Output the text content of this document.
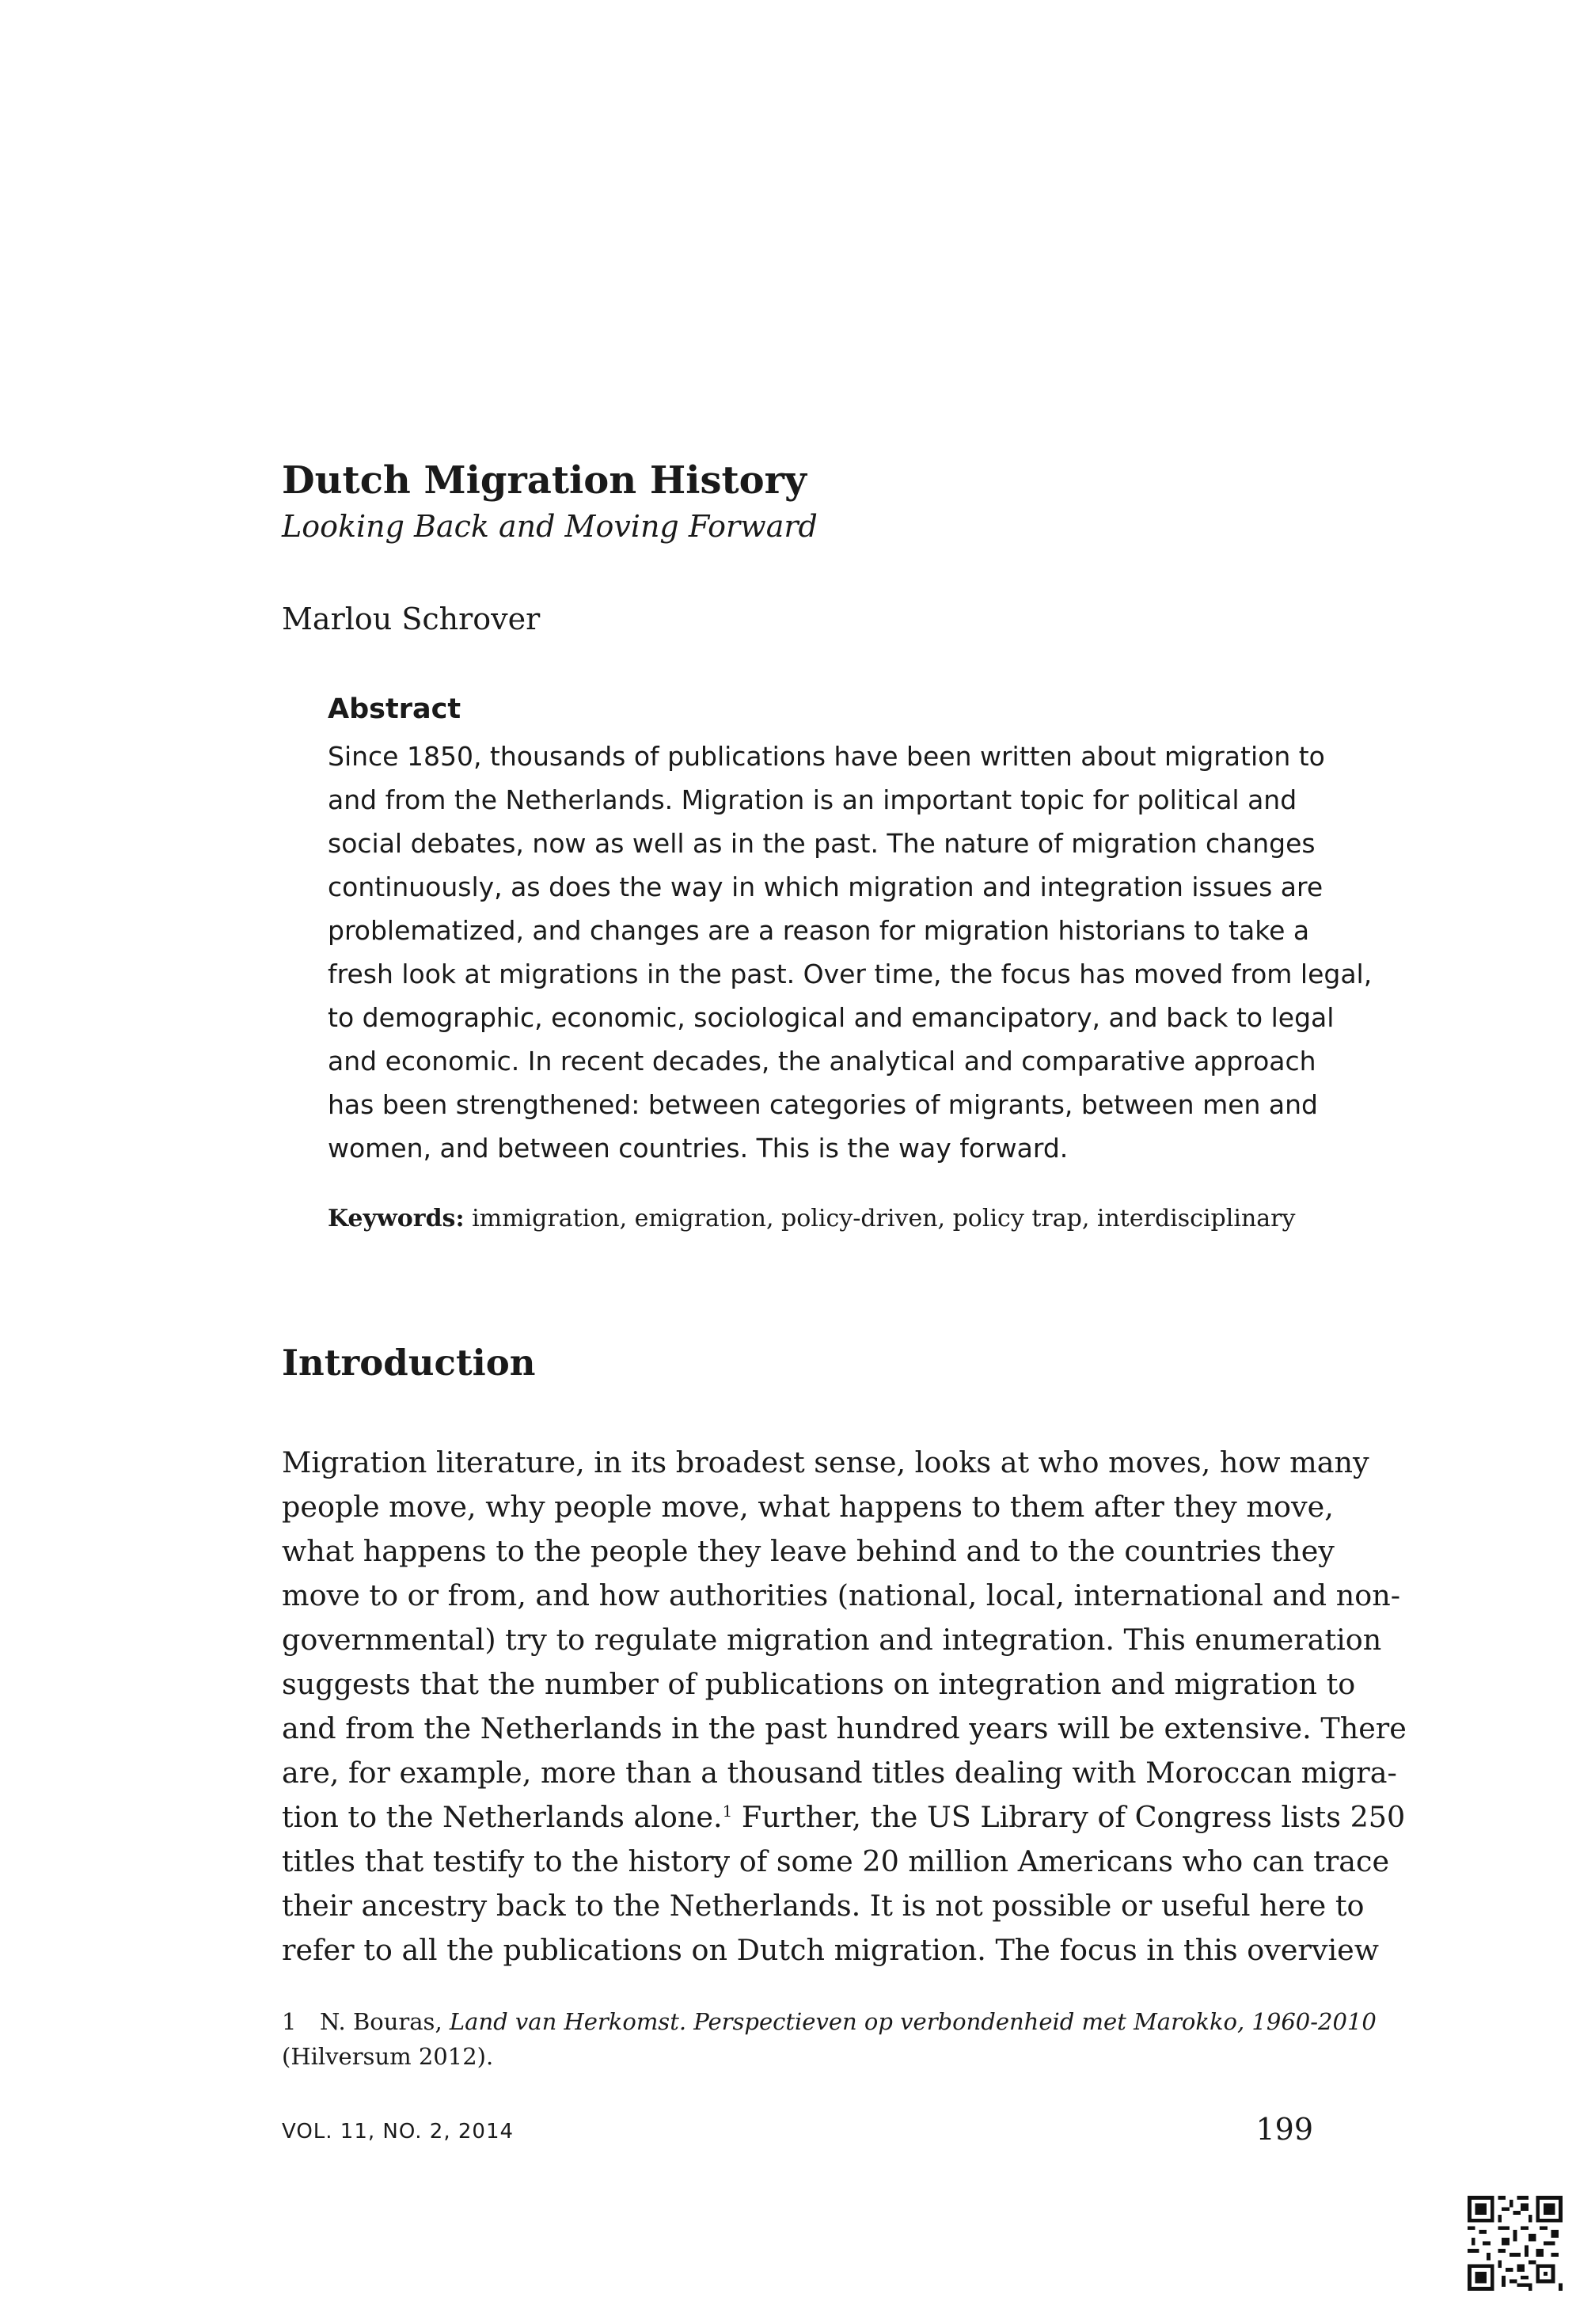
Dutch Migration History
Looking Back and Moving Forward
Marlou Schrover
Abstract
Since 1850, thousands of publications have been written about migration to
and from the Netherlands. Migration is an important topic for political and
social debates, now as well as in the past. The nature of migration changes
continuously, as does the way in which migration and integration issues are
problematized, and changes are a reason for migration historians to take a
fresh look at migrations in the past. Over time, the focus has moved from legal,
to demographic, economic, sociological and emancipatory, and back to legal
and economic. In recent decades, the analytical and comparative approach
has been strengthened: between categories of migrants, between men and
women, and between countries. This is the way forward.
Keywords: immigration, emigration, policy-driven, policy trap, interdisciplinary
Introduction
Migration literature, in its broadest sense, looks at who moves, how many
people move, why people move, what happens to them after they move,
what happens to the people they leave behind and to the countries they
move to or from, and how authorities (national, local, international and non-
governmental) try to regulate migration and integration. This enumeration
suggests that the number of publications on integration and migration to
and from the Netherlands in the past hundred years will be extensive. There
are, for example, more than a thousand titles dealing with Moroccan migra-
tion to the Netherlands alone.$^1$ Further, the US Library of Congress lists 250
titles that testify to the history of some 20 million Americans who can trace
their ancestry back to the Netherlands. It is not possible or useful here to
refer to all the publications on Dutch migration. The focus in this overview
1 N. Bouras, Land van Herkomst. Perspectieven op verbondenheid met Marokko, 1960-2010
(Hilversum 2012).
VOL. 11, NO. 2, 2014	199
